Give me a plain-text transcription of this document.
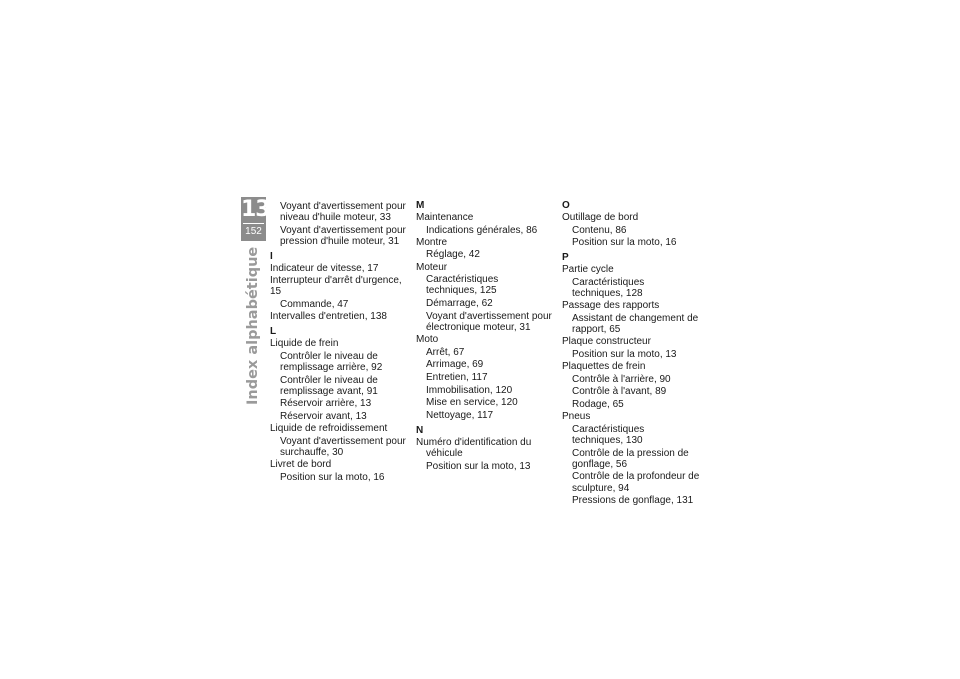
13
152
Index alphabétique
Voyant d'avertissement pour
niveau d'huile moteur, 33
Voyant d'avertissement pour
pression d'huile moteur, 31
I
Indicateur de vitesse, 17
Interrupteur d'arrêt d'urgence, 15
Commande, 47
Intervalles d'entretien, 138
L
Liquide de frein
Contrôler le niveau de
remplissage arrière, 92
Contrôler le niveau de
remplissage avant, 91
Réservoir arrière, 13
Réservoir avant, 13
Liquide de refroidissement
Voyant d'avertissement pour
surchauffe, 30
Livret de bord
Position sur la moto, 16
M
Maintenance
Indications générales, 86
Montre
Réglage, 42
Moteur
Caractéristiques
techniques, 125
Démarrage, 62
Voyant d'avertissement pour
électronique moteur, 31
Moto
Arrêt, 67
Arrimage, 69
Entretien, 117
Immobilisation, 120
Mise en service, 120
Nettoyage, 117
N
Numéro d'identification du
véhicule
Position sur la moto, 13
O
Outillage de bord
Contenu, 86
Position sur la moto, 16
P
Partie cycle
Caractéristiques
techniques, 128
Passage des rapports
Assistant de changement de
rapport, 65
Plaque constructeur
Position sur la moto, 13
Plaquettes de frein
Contrôle à l'arrière, 90
Contrôle à l'avant, 89
Rodage, 65
Pneus
Caractéristiques
techniques, 130
Contrôle de la pression de
gonflage, 56
Contrôle de la profondeur de
sculpture, 94
Pressions de gonflage, 131
